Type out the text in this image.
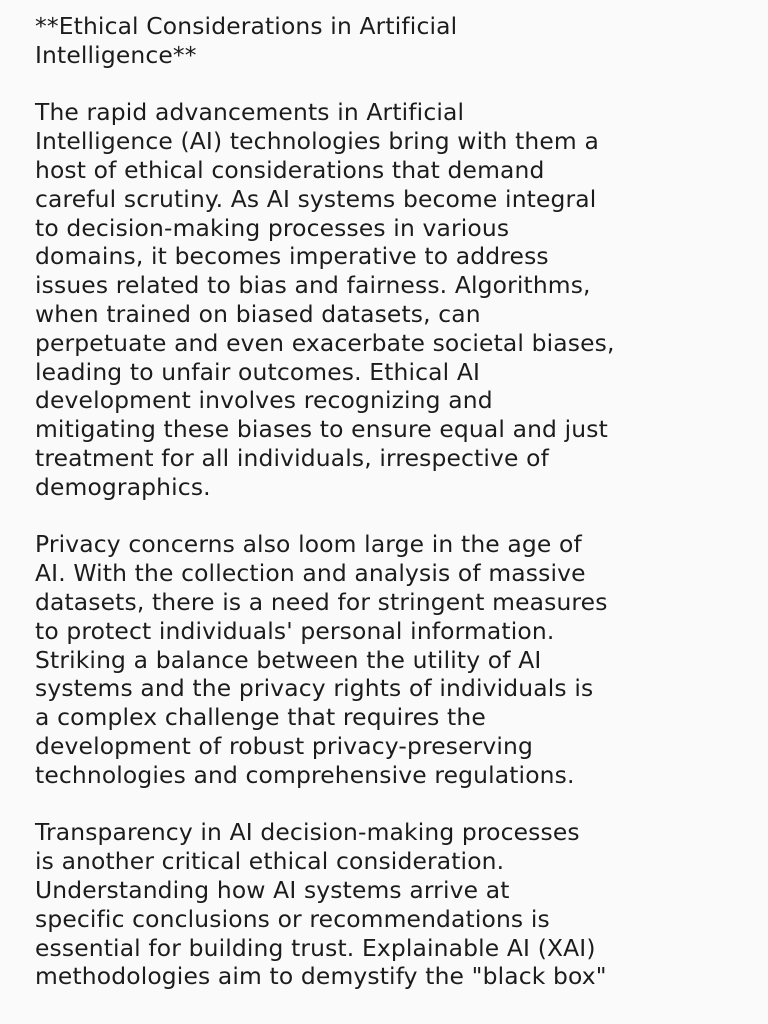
**Ethical Considerations in Artificial
Intelligence**
The rapid advancements in Artificial
Intelligence (AI) technologies bring with them a
host of ethical considerations that demand
careful scrutiny. As AI systems become integral
to decision-making processes in various
domains, it becomes imperative to address
issues related to bias and fairness. Algorithms,
when trained on biased datasets, can
perpetuate and even exacerbate societal biases,
leading to unfair outcomes. Ethical AI
development involves recognizing and
mitigating these biases to ensure equal and just
treatment for all individuals, irrespective of
demographics.
Privacy concerns also loom large in the age of
AI. With the collection and analysis of massive
datasets, there is a need for stringent measures
to protect individuals' personal information.
Striking a balance between the utility of AI
systems and the privacy rights of individuals is
a complex challenge that requires the
development of robust privacy-preserving
technologies and comprehensive regulations.
Transparency in AI decision-making processes
is another critical ethical consideration.
Understanding how AI systems arrive at
specific conclusions or recommendations is
essential for building trust. Explainable AI (XAI)
methodologies aim to demystify the "black box"
